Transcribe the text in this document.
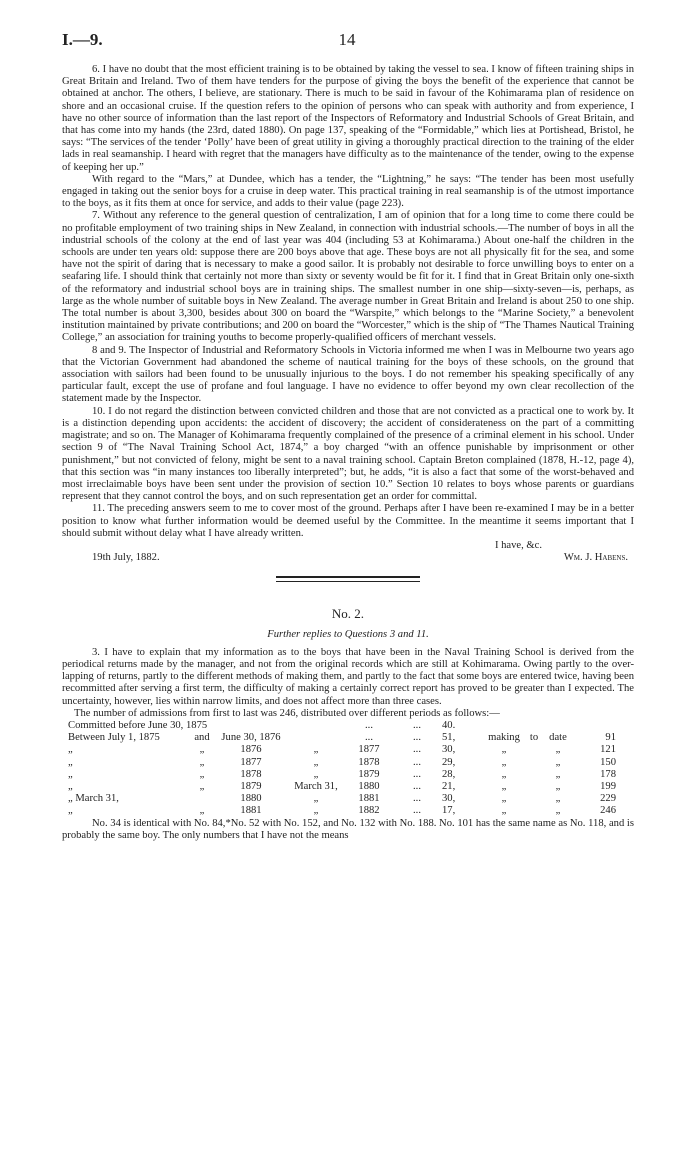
I.—9.	14

6. I have no doubt that the most efficient training is to be obtained by taking the vessel to sea. I know of fifteen training ships in Great Britain and Ireland. Two of them have tenders for the purpose of giving the boys the benefit of the experience that cannot be obtained at anchor. The others, I believe, are stationary. There is much to be said in favour of the Kohimarama plan of residence on shore and an occasional cruise. If the question refers to the opinion of persons who can speak with authority and from experience, I have no other source of information than the last report of the Inspectors of Reformatory and Industrial Schools of Great Britain, and that has come into my hands (the 23rd, dated 1880). On page 137, speaking of the “Formidable,” which lies at Portishead, Bristol, he says: “The services of the tender ‘Polly’ have been of great utility in giving a thoroughly practical direction to the training of the elder lads in real seamanship. I heard with regret that the managers have difficulty as to the maintenance of the tender, owing to the expense of keeping her up.”

With regard to the “Mars,” at Dundee, which has a tender, the “Lightning,” he says: “The tender has been most usefully engaged in taking out the senior boys for a cruise in deep water. This practical training in real seamanship is of the utmost importance to the boys, as it fits them at once for service, and adds to their value (page 223).

7. Without any reference to the general question of centralization, I am of opinion that for a long time to come there could be no profitable employment of two training ships in New Zealand, in connection with industrial schools.—The number of boys in all the industrial schools of the colony at the end of last year was 404 (including 53 at Kohimarama.) About one-half the children in the schools are under ten years old: suppose there are 200 boys above that age. These boys are not all physically fit for the sea, and some have not the spirit of daring that is necessary to make a good sailor. It is probably not desirable to force unwilling boys to enter on a seafaring life. I should think that certainly not more than sixty or seventy would be fit for it. I find that in Great Britain only one-sixth of the reformatory and industrial school boys are in training ships. The smallest number in one ship—sixty-seven—is, perhaps, as large as the whole number of suitable boys in New Zealand. The average number in Great Britain and Ireland is about 250 to one ship. The total number is about 3,300, besides about 300 on board the “Warspite,” which belongs to the “Marine Society,” a benevolent institution maintained by private contributions; and 200 on board the “Worcester,” which is the ship of “The Thames Nautical Training College,” an association for training youths to become properly-qualified officers of merchant vessels.

8 and 9. The Inspector of Industrial and Reformatory Schools in Victoria informed me when I was in Melbourne two years ago that the Victorian Government had abandoned the scheme of nautical training for the boys of these schools, on the ground that association with sailors had been found to be unusually injurious to the boys. I do not remember his speaking specifically of any particular fault, except the use of profane and foul language. I have no evidence to offer beyond my own clear recollection of the statement made by the Inspector.

10. I do not regard the distinction between convicted children and those that are not convicted as a practical one to work by. It is a distinction depending upon accidents: the accident of discovery; the accident of considerateness on the part of a committing magistrate; and so on. The Manager of Kohimarama frequently complained of the presence of a criminal element in his school. Under section 9 of “The Naval Training School Act, 1874,” a boy charged “with an offence punishable by imprisonment or other punishment,” but not convicted of felony, might be sent to a naval training school. Captain Breton complained (1878, H.-12, page 4), that this section was “in many instances too liberally interpreted”; but, he adds, “it is also a fact that some of the worst-behaved and most irreclaimable boys have been sent under the provision of section 10.” Section 10 relates to boys whose parents or guardians represent that they cannot control the boys, and on such representation get an order for committal.

11. The preceding answers seem to me to cover most of the ground. Perhaps after I have been re-examined I may be in a better position to know what further information would be deemed useful by the Committee. In the meantime it seems important that I should submit without delay what I have already written.

I have, &c.
19th July, 1882.	Wm. J. Habens.
No. 2.
Further replies to Questions 3 and 11.

3. I have to explain that my information as to the boys that have been in the Naval Training School is derived from the periodical returns made by the manager, and not from the original records which are still at Kohimarama. Owing partly to the over-lapping of returns, partly to the different methods of making them, and partly to the fact that some boys are entered twice, having been recommitted after serving a first term, the difficulty of making a certainly correct report has proved to be greater than I expected. The uncertainty, however, lies within narrow limits, and does not affect more than three cases.

The number of admissions from first to last was 246, distributed over different periods as follows:—

Committed before June 30, 1875				...	...	40.				
Between July 1, 1875	and	June 30, 1876		...	...	51,	making	to	date	91
„	„	1876	„	1877	...	30,	„		„	121
„	„	1877	„	1878	...	29,	„		„	150
„	„	1878	„	1879	...	28,	„		„	178
„	„	1879	March 31,	1880	...	21,	„		„	199
„ March 31,		1880	„	1881	...	30,	„		„	229
„	„	1881	„	1882	...	17,	„		„	246

No. 34 is identical with No. 84,*No. 52 with No. 152, and No. 132 with No. 188. No. 101 has the same name as No. 118, and is probably the same boy. The only numbers that I have not the means
